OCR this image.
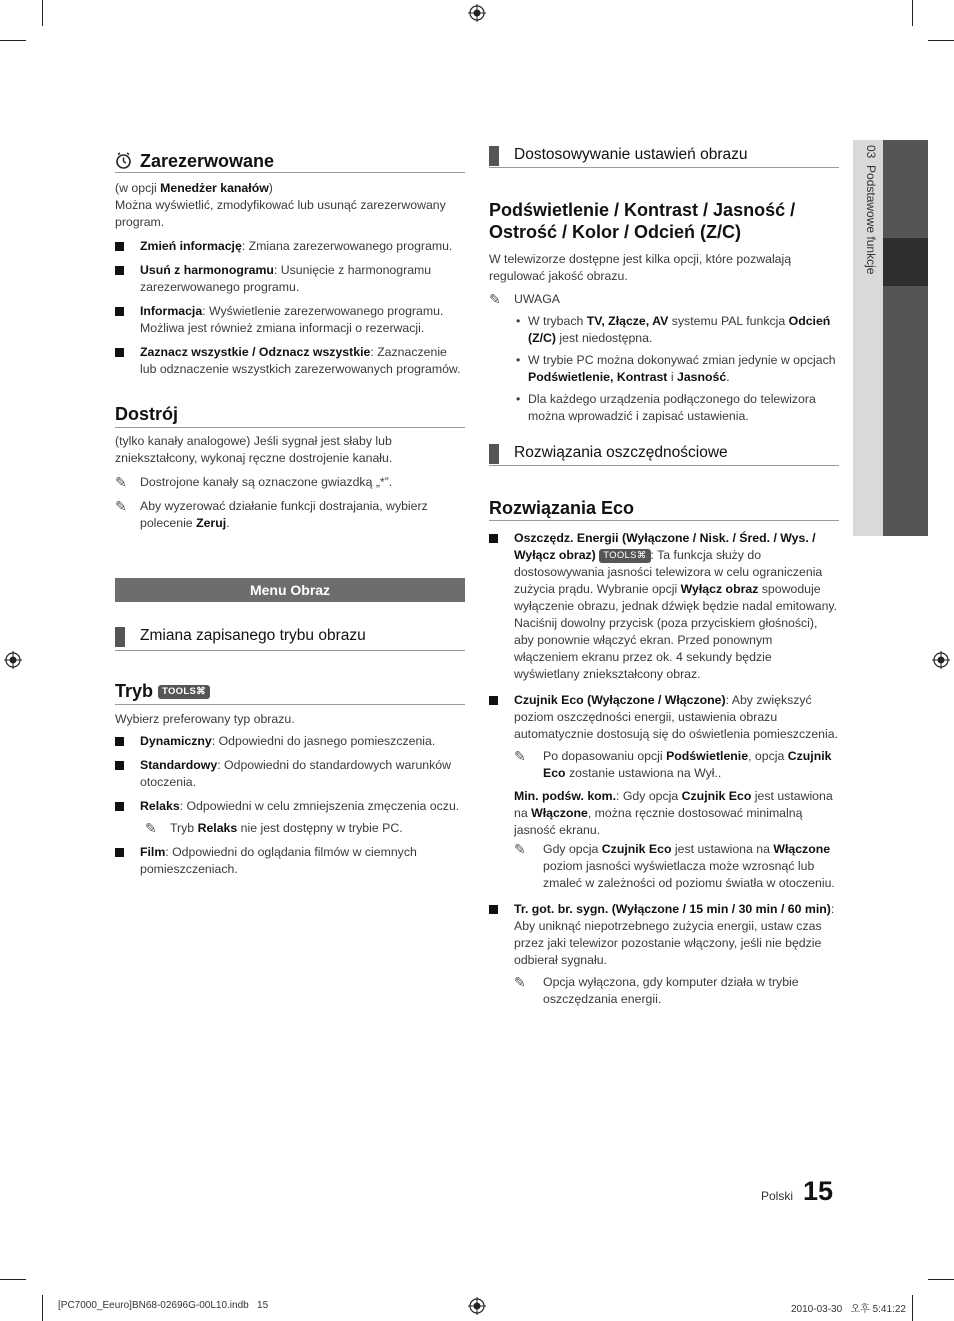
03  Podstawowe funkcje
Zarezerwowane

(w opcji Menedżer kanałów)

Można wyświetlić, zmodyfikować lub usunąć zarezerwowany program.

Zmień informację: Zmiana zarezerwowanego programu.
Usuń z harmonogramu: Usunięcie z harmonogramu zarezerwowanego programu.
Informacja: Wyświetlenie zarezerwowanego programu. Możliwa jest również zmiana informacji o rezerwacji.
Zaznacz wszystkie / Odznacz wszystkie: Zaznaczenie lub odznaczenie wszystkich zarezerwowanych programów.
Dostrój

(tylko kanały analogowe) Jeśli sygnał jest słaby lub zniekształcony, wykonaj ręczne dostrojenie kanału.

✎ Dostrojone kanały są oznaczone gwiazdką „*”.
✎ Aby wyzerować działanie funkcji dostrajania, wybierz polecenie Zeruj.
Menu Obraz
Zmiana zapisanego trybu obrazu
Tryb TOOLS⌘

Wybierz preferowany typ obrazu.

Dynamiczny: Odpowiedni do jasnego pomieszczenia.
Standardowy: Odpowiedni do standardowych warunków otoczenia.
Relaks: Odpowiedni w celu zmniejszenia zmęczenia oczu.
✎ Tryb Relaks nie jest dostępny w trybie PC.
Film: Odpowiedni do oglądania filmów w ciemnych pomieszczeniach.
Dostosowywanie ustawień obrazu
Podświetlenie / Kontrast / Jasność / Ostrość / Kolor / Odcień (Z/C)

W telewizorze dostępne jest kilka opcji, które pozwalają regulować jakość obrazu.

✎ UWAGA
• W trybach TV, Złącze, AV systemu PAL funkcja Odcień (Z/C) jest niedostępna.
• W trybie PC można dokonywać zmian jedynie w opcjach Podświetlenie, Kontrast i Jasność.
• Dla każdego urządzenia podłączonego do telewizora można wprowadzić i zapisać ustawienia.
Rozwiązania oszczędnościowe
Rozwiązania Eco
Oszczędz. Energii (Wyłączone / Nisk. / Śred. / Wys. / Wyłącz obraz) TOOLS⌘ : Ta funkcja służy do dostosowywania jasności telewizora w celu ograniczenia zużycia prądu. Wybranie opcji Wyłącz obraz spowoduje wyłączenie obrazu, jednak dźwięk będzie nadal emitowany. Naciśnij dowolny przycisk (poza przyciskiem głośności), aby ponownie włączyć ekran. Przed ponownym włączeniem ekranu przez ok. 4 sekundy będzie wyświetlany zniekształcony obraz.
Czujnik Eco (Wyłączone / Włączone): Aby zwiększyć poziom oszczędności energii, ustawienia obrazu automatycznie dostosują się do oświetlenia pomieszczenia.
✎ Po dopasowaniu opcji Podświetlenie, opcja Czujnik Eco zostanie ustawiona na Wył..
Min. podśw. kom.: Gdy opcja Czujnik Eco jest ustawiona na Włączone, można ręcznie dostosować minimalną jasność ekranu.
✎ Gdy opcja Czujnik Eco jest ustawiona na Włączone poziom jasności wyświetlacza może wzrosnąć lub zmaleć w zależności od poziomu światła w otoczeniu.
Tr. got. br. sygn. (Wyłączone / 15 min / 30 min / 60 min): Aby uniknąć niepotrzebnego zużycia energii, ustaw czas przez jaki telewizor pozostanie włączony, jeśli nie będzie odbierał sygnału.
✎ Opcja wyłączona, gdy komputer działa w trybie oszczędzania energii.
Polski 15
[PC7000_Eeuro]BN68-02696G-00L10.indb   15	2010-03-30   오후 5:41:22
